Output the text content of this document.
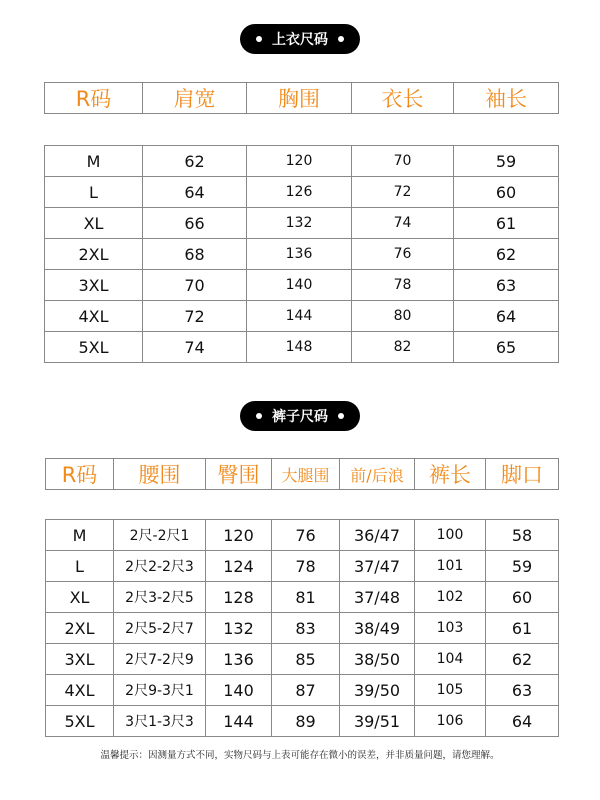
上衣尺码
R码	肩宽	胸围	衣长	袖长
M	62	120	70	59
L	64	126	72	60
XL	66	132	74	61
2XL	68	136	76	62
3XL	70	140	78	63
4XL	72	144	80	64
5XL	74	148	82	65
裤子尺码
R码	腰围	臀围	大腿围	前/后浪	裤长	脚口
M	2尺-2尺1	120	76	36/47	100	58
L	2尺2-2尺3	124	78	37/47	101	59
XL	2尺3-2尺5	128	81	37/48	102	60
2XL	2尺5-2尺7	132	83	38/49	103	61
3XL	2尺7-2尺9	136	85	38/50	104	62
4XL	2尺9-3尺1	140	87	39/50	105	63
5XL	3尺1-3尺3	144	89	39/51	106	64
温馨提示：因测量方式不同，实物尺码与上表可能存在微小的误差，并非质量问题，请您理解。
